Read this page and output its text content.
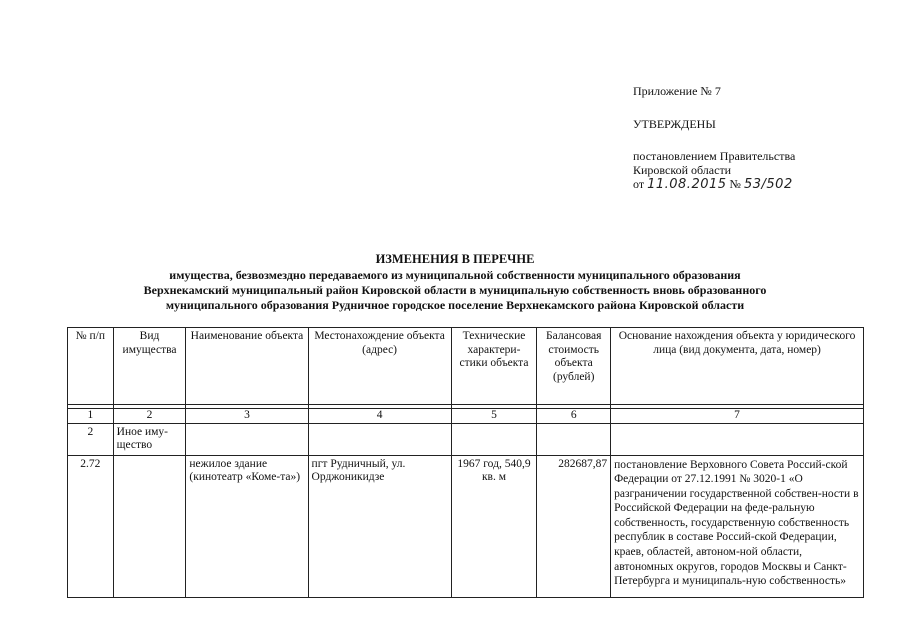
Приложение № 7
УТВЕРЖДЕНЫ
постановлением Правительства
Кировской области
от 11.08.2015 № 53/502
ИЗМЕНЕНИЯ В ПЕРЕЧНЕ
имущества, безвозмездно передаваемого из муниципальной собственности муниципального образования
Верхнекамский муниципальный район Кировской области в муниципальную собственность вновь образованного
муниципального образования Рудничное городское поселение Верхнекамского района Кировской области
№ п/п	Вид имущества	Наименование объекта	Местонахождение объекта (адрес)	Технические характери-стики объекта	Балансовая стоимость объекта (рублей)	Основание нахождения объекта у юридического лица (вид документа, дата, номер)

1	2	3	4	5	6	7
2	Иное иму-щество					
2.72		нежилое здание (кинотеатр «Коме-та»)	пгт Рудничный, ул. Орджоникидзе	1967 год, 540,9 кв. м	282687,87	постановление Верховного Совета Россий-ской Федерации от 27.12.1991 № 3020-1 «О разграничении государственной собствен-ности в Российской Федерации на феде-ральную собственность, государственную собственность республик в составе Россий-ской Федерации, краев, областей, автоном-ной области, автономных округов, городов Москвы и Санкт-Петербурга и муниципаль-ную собственность»
